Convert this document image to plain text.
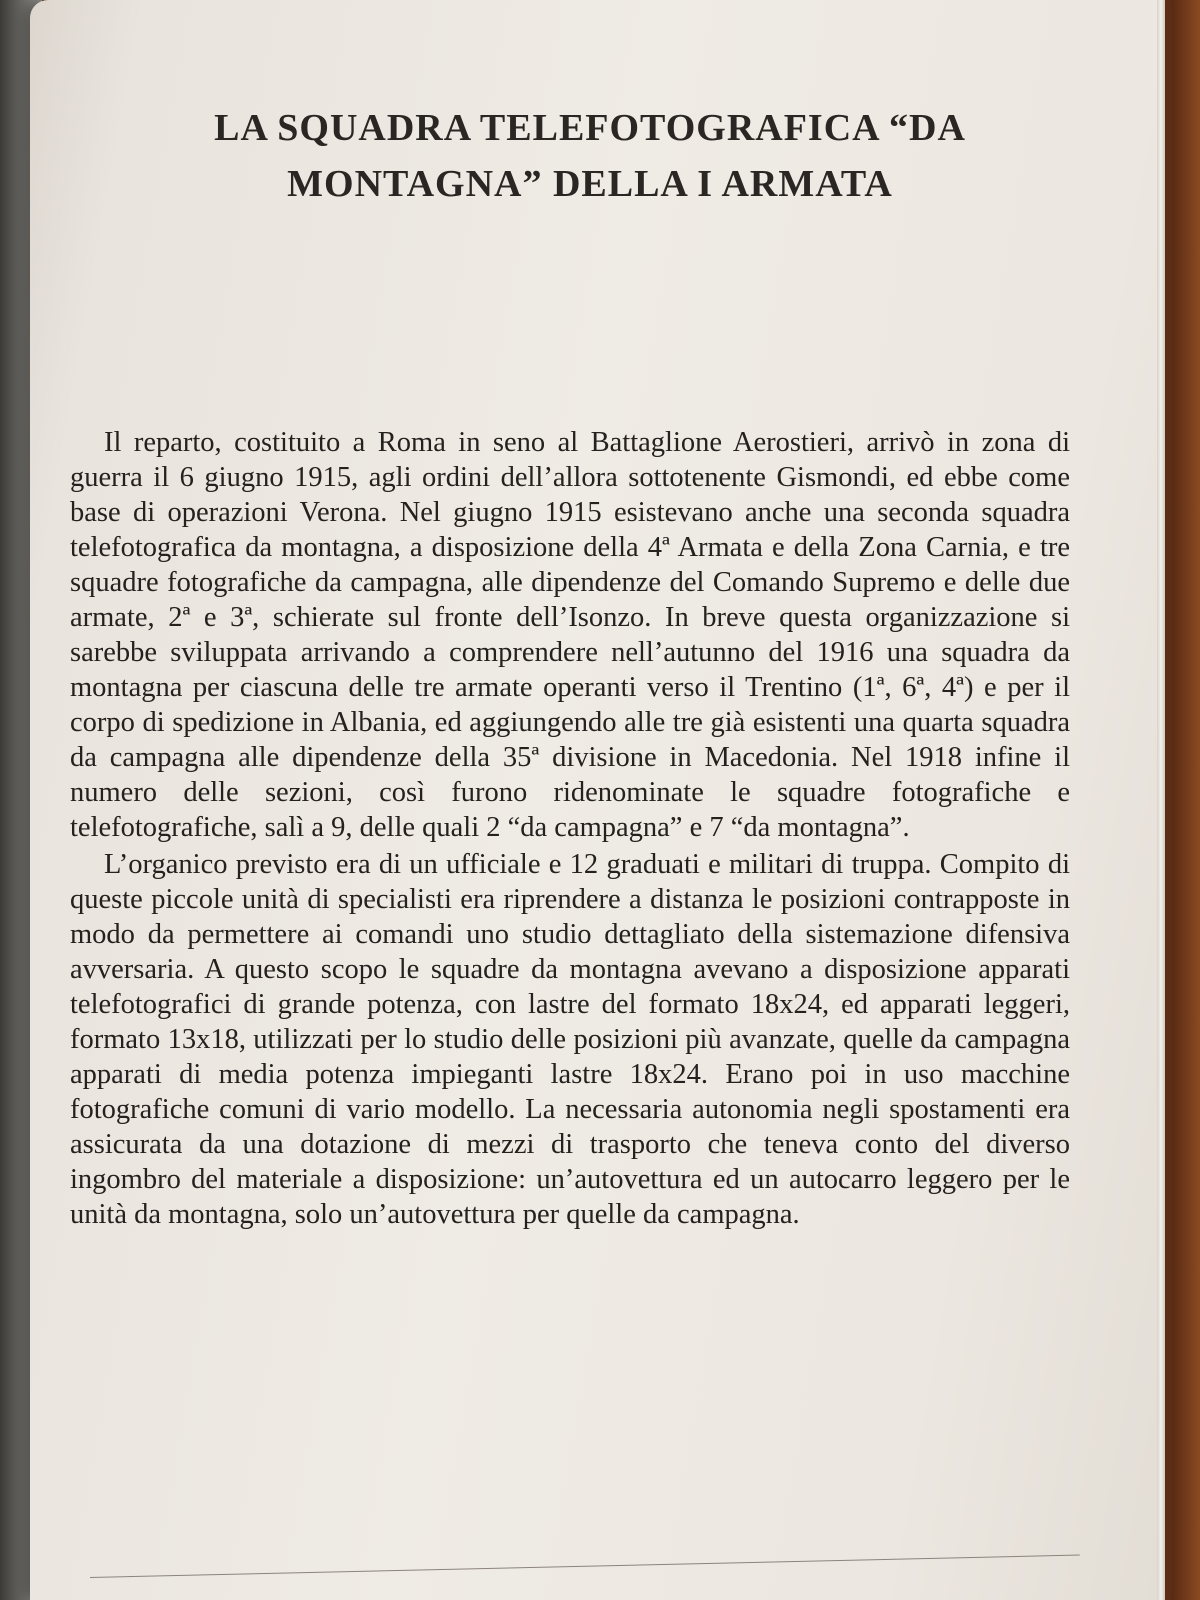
LA SQUADRA TELEFOTOGRAFICA “DA
MONTAGNA” DELLA I ARMATA

Il reparto, costituito a Roma in seno al Battaglione Aerostieri, arrivò in zona di guerra il 6 giugno 1915, agli ordini dell’allora sottotenente Gismondi, ed ebbe come base di operazioni Verona. Nel giugno 1915 esistevano anche una seconda squadra telefotografica da montagna, a disposizione della 4ª Armata e della Zona Carnia, e tre squadre fotografiche da campagna, alle dipendenze del Comando Supremo e delle due armate, 2ª e 3ª, schierate sul fronte dell’Isonzo. In breve questa organizzazione si sarebbe sviluppata arrivando a comprendere nell’autunno del 1916 una squadra da montagna per ciascuna delle tre armate operanti verso il Trentino (1ª, 6ª, 4ª) e per il corpo di spedizione in Albania, ed aggiungendo alle tre già esistenti una quarta squadra da campagna alle dipendenze della 35ª divisione in Macedonia. Nel 1918 infine il numero delle sezioni, così furono ridenominate le squadre fotografiche e telefotografiche, salì a 9, delle quali 2 “da campagna” e 7 “da montagna”.

L’organico previsto era di un ufficiale e 12 graduati e militari di truppa. Compito di queste piccole unità di specialisti era riprendere a distanza le posizioni contrapposte in modo da permettere ai comandi uno studio dettagliato della sistemazione difensiva avversaria. A questo scopo le squadre da montagna avevano a disposizione apparati telefotografici di grande potenza, con lastre del formato 18x24, ed apparati leggeri, formato 13x18, utilizzati per lo studio delle posizioni più avanzate, quelle da campagna apparati di media potenza impieganti lastre 18x24. Erano poi in uso macchine fotografiche comuni di vario modello. La necessaria autonomia negli spostamenti era assicurata da una dotazione di mezzi di trasporto che teneva conto del diverso ingombro del materiale a disposizione: un’autovettura ed un autocarro leggero per le unità da montagna, solo un’autovettura per quelle da campagna.
